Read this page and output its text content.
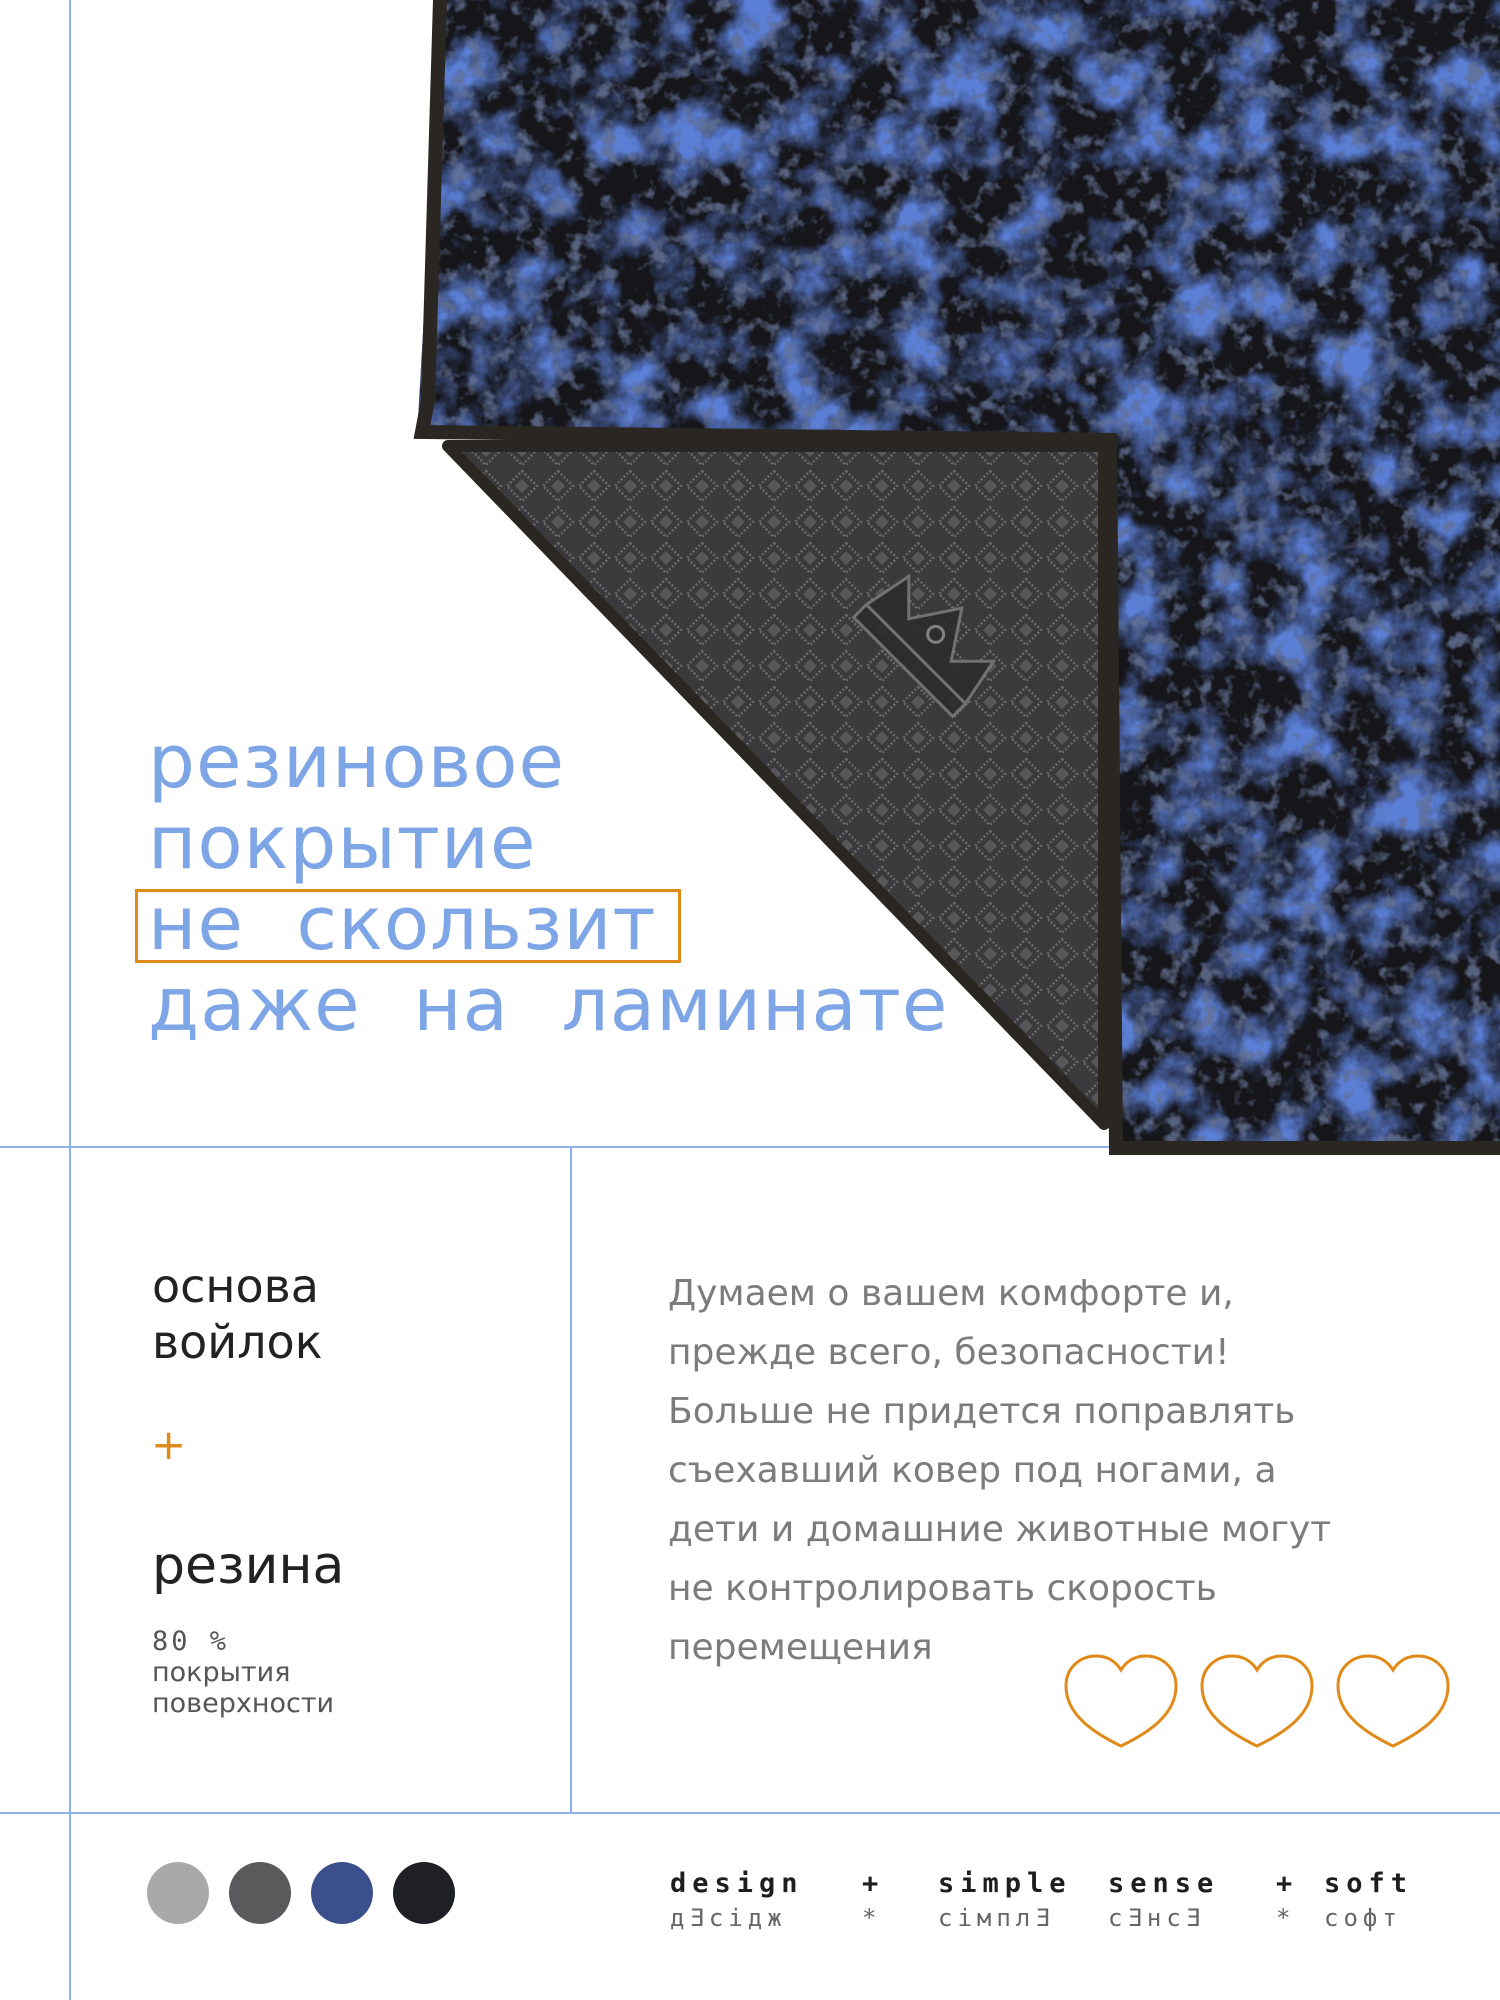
резиновое
покрытие
не скользит
даже на ламинате
основа
войлок
+
резина
80 %
покрытия
поверхности
Думаем о вашем комфорте и,
прежде всего, безопасности!
Больше не придется поправлять
съехавший ковер под ногами, а
дети и домашние животные могут
не контролировать скорость
перемещения
design + simple sense + soft
дƎсідж	* сімплƎ сƎнсƎ	* софт
